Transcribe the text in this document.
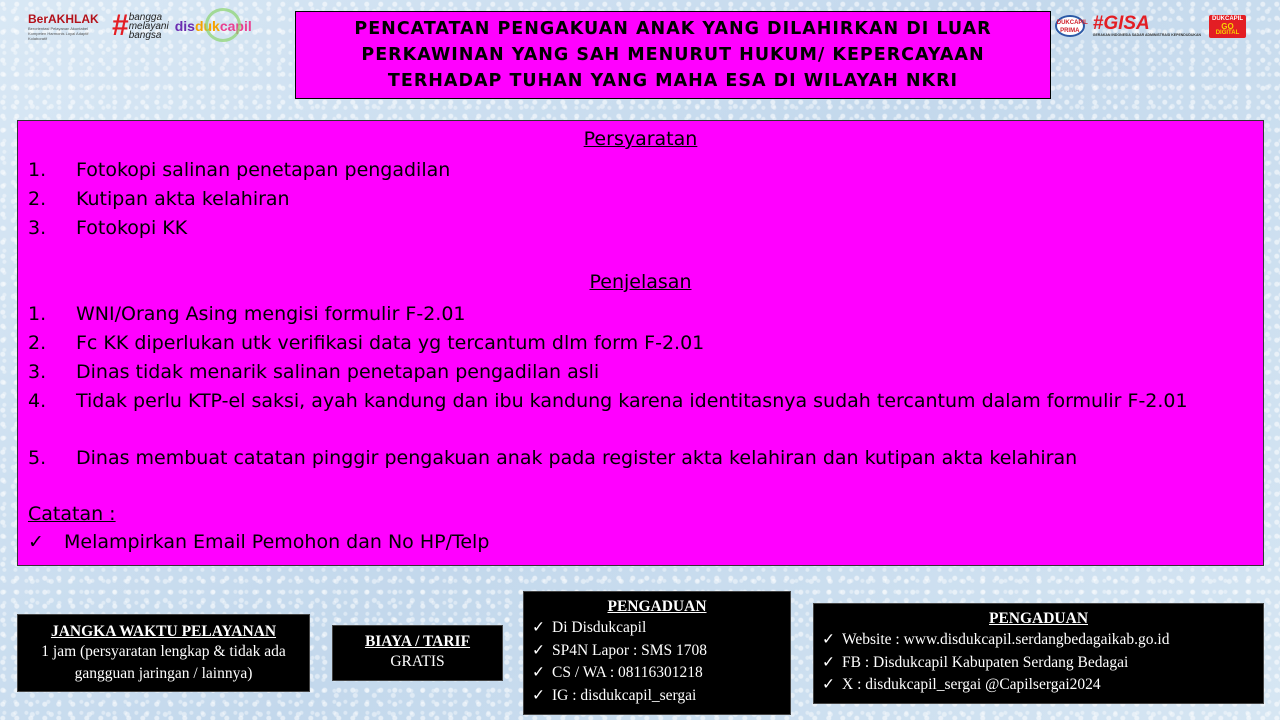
BerAKHLAK
Berorientasi Pelayanan Akuntabel Kompeten Harmonis Loyal Adaptif Kolaboratif	# bangga
melayani
bangsa
disdukcapil	DUKCAPIL
PRIMA #GISA
GERAKAN INDONESIA SADAR ADMINISTRASI KEPENDUDUKAN
DUKCAPIL
GO
DIGITAL
PENCATATAN PENGAKUAN ANAK YANG DILAHIRKAN DI LUAR PERKAWINAN YANG SAH MENURUT HUKUM/ KEPERCAYAAN TERHADAP TUHAN YANG MAHA ESA DI WILAYAH NKRI
Persyaratan
1.	Fotokopi salinan penetapan pengadilan
2.	Kutipan akta kelahiran
3.	Fotokopi KK
Penjelasan
1.	WNI/Orang Asing mengisi formulir F-2.01
2.	Fc KK diperlukan utk verifikasi data yg tercantum dlm form F-2.01
3.	Dinas tidak menarik salinan penetapan pengadilan asli
4.	Tidak perlu KTP-el saksi, ayah kandung dan ibu kandung karena identitasnya sudah tercantum dalam formulir F-2.01
5.	Dinas membuat catatan pinggir pengakuan anak pada register akta kelahiran dan kutipan akta kelahiran
Catatan :
✓ Melampirkan Email Pemohon dan No HP/Telp
JANGKA WAKTU PELAYANAN
1 jam (persyaratan lengkap & tidak ada gangguan jaringan / lainnya)
BIAYA / TARIF
GRATIS
PENGADUAN
✓ Di Disdukcapil
✓ SP4N Lapor : SMS 1708
✓ CS / WA : 08116301218
✓ IG : disdukcapil_sergai
PENGADUAN
✓ Website : www.disdukcapil.serdangbedagaikab.go.id
✓ FB : Disdukcapil Kabupaten Serdang Bedagai
✓ X : disdukcapil_sergai @Capilsergai2024
